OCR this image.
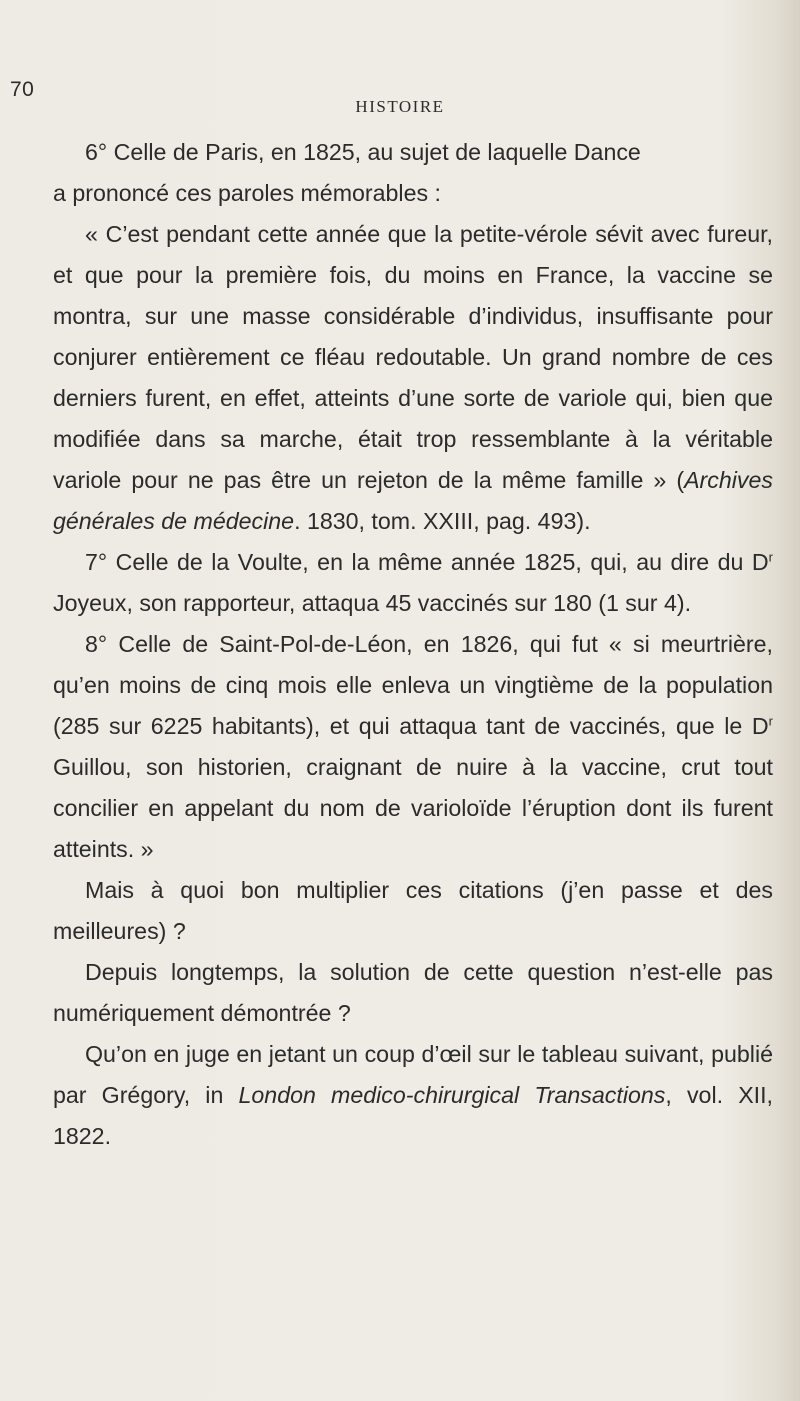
70
HISTOIRE

6° Celle de Paris, en 1825, au sujet de laquelle Dance
a prononcé ces paroles mémorables :

« C’est pendant cette année que la petite-vérole sévit avec fureur, et que pour la première fois, du moins en France, la vaccine se montra, sur une masse considérable d’individus, insuffisante pour conjurer entièrement ce fléau redoutable. Un grand nombre de ces derniers furent, en effet, atteints d’une sorte de variole qui, bien que modifiée dans sa marche, était trop ressemblante à la véritable variole pour ne pas être un rejeton de la même famille » (Archives générales de médecine. 1830, tom. XXIII, pag. 493).

7° Celle de la Voulte, en la même année 1825, qui, au dire du $D^r$ Joyeux, son rapporteur, attaqua 45 vaccinés sur 180 (1 sur 4).

8° Celle de Saint-Pol-de-Léon, en 1826, qui fut « si meurtrière, qu’en moins de cinq mois elle enleva un vingtième de la population (285 sur 6225 habitants), et qui attaqua tant de vaccinés, que le $D^r$ Guillou, son historien, craignant de nuire à la vaccine, crut tout concilier en appelant du nom de varioloïde l’éruption dont ils furent atteints. »

Mais à quoi bon multiplier ces citations (j’en passe et des meilleures) ?

Depuis longtemps, la solution de cette question n’est-elle pas numériquement démontrée ?

Qu’on en juge en jetant un coup d’œil sur le tableau suivant, publié par Grégory, in London medico-chirurgical Transactions, vol. XII, 1822.
